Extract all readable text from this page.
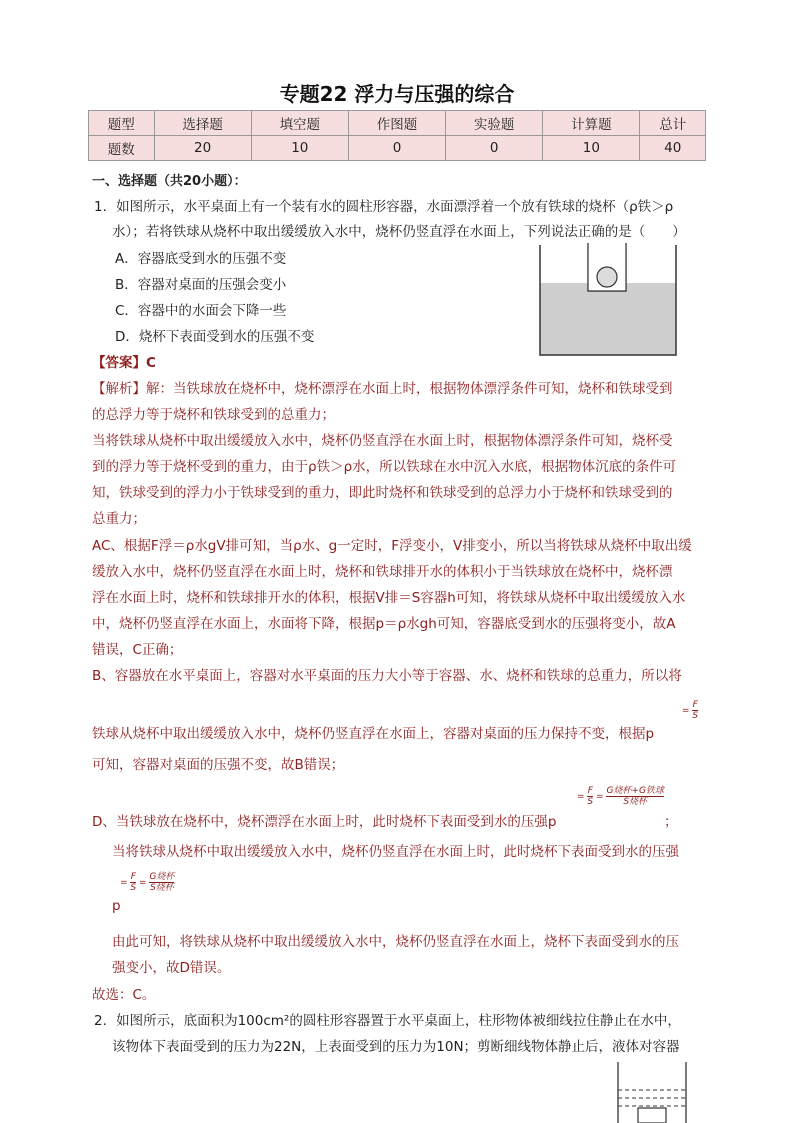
专题22 浮力与压强的综合
题型	选择题	填空题	作图题	实验题	计算题	总计
题数	20	10	0	0	10	40
一、选择题（共20小题）：
1．如图所示，水平桌面上有一个装有水的圆柱形容器，水面漂浮着一个放有铁球的烧杯（ρ铁＞ρ
水）；若将铁球从烧杯中取出缓缓放入水中，烧杯仍竖直浮在水面上，下列说法正确的是（　　）
A．容器底受到水的压强不变
B．容器对桌面的压强会变小
C．容器中的水面会下降一些
D．烧杯下表面受到水的压强不变
【答案】C
【解析】解：当铁球放在烧杯中，烧杯漂浮在水面上时，根据物体漂浮条件可知，烧杯和铁球受到
的总浮力等于烧杯和铁球受到的总重力；
当将铁球从烧杯中取出缓缓放入水中，烧杯仍竖直浮在水面上时，根据物体漂浮条件可知，烧杯受
到的浮力等于烧杯受到的重力，由于ρ铁＞ρ水，所以铁球在水中沉入水底，根据物体沉底的条件可
知，铁球受到的浮力小于铁球受到的重力，即此时烧杯和铁球受到的总浮力小于烧杯和铁球受到的
总重力；
AC、根据F浮＝ρ水gV排可知，当ρ水、g一定时，F浮变小，V排变小，所以当将铁球从烧杯中取出缓
缓放入水中，烧杯仍竖直浮在水面上时，烧杯和铁球排开水的体积小于当铁球放在烧杯中，烧杯漂
浮在水面上时，烧杯和铁球排开水的体积，根据V排＝S容器h可知，将铁球从烧杯中取出缓缓放入水
中，烧杯仍竖直浮在水面上，水面将下降，根据p＝ρ水gh可知，容器底受到水的压强将变小，故A
错误，C正确；
B、容器放在水平桌面上，容器对水平桌面的压力大小等于容器、水、烧杯和铁球的总重力，所以将
铁球从烧杯中取出缓缓放入水中，烧杯仍竖直浮在水面上，容器对桌面的压力保持不变，根据p
= $\frac{F}{S}$
可知，容器对桌面的压强不变，故B错误；
D、当铁球放在烧杯中，烧杯漂浮在水面上时，此时烧杯下表面受到水的压强p
= $\frac{F}{S}$ =
G烧杯+G铁球
S烧杯
；
当将铁球从烧杯中取出缓缓放入水中，烧杯仍竖直浮在水面上时，此时烧杯下表面受到水的压强
= $\frac{F}{S}$ =
G烧杯
S烧杯
p
由此可知，将铁球从烧杯中取出缓缓放入水中，烧杯仍竖直浮在水面上，烧杯下表面受到水的压
强变小，故D错误。
故选：C。
2．如图所示，底面积为100cm²的圆柱形容器置于水平桌面上，柱形物体被细线拉住静止在水中，
该物体下表面受到的压力为22N，上表面受到的压力为10N；剪断细线物体静止后，液体对容器
